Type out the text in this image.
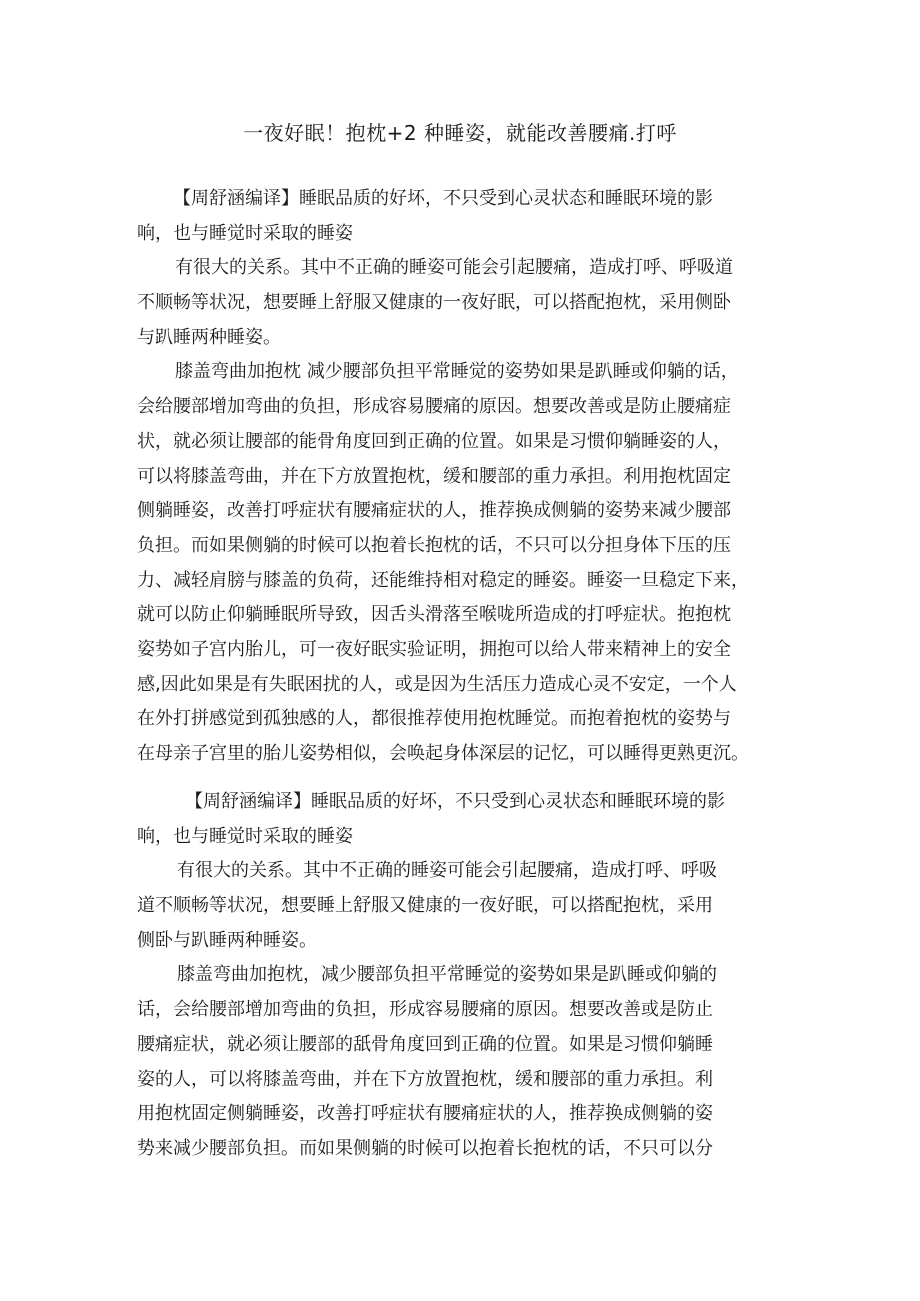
一夜好眠！抱枕+2 种睡姿，就能改善腰痛.打呼
【周舒涵编译】睡眠品质的好坏，不只受到心灵状态和睡眠环境的影
响，也与睡觉时采取的睡姿
有很大的关系。其中不正确的睡姿可能会引起腰痛，造成打呼、呼吸道
不顺畅等状况，想要睡上舒服又健康的一夜好眠，可以搭配抱枕，采用侧卧
与趴睡两种睡姿。
膝盖弯曲加抱枕 减少腰部负担平常睡觉的姿势如果是趴睡或仰躺的话，
会给腰部增加弯曲的负担，形成容易腰痛的原因。想要改善或是防止腰痛症
状，就必须让腰部的能骨角度回到正确的位置。如果是习惯仰躺睡姿的人，
可以将膝盖弯曲，并在下方放置抱枕，缓和腰部的重力承担。利用抱枕固定
侧躺睡姿，改善打呼症状有腰痛症状的人，推荐换成侧躺的姿势来减少腰部
负担。而如果侧躺的时候可以抱着长抱枕的话，不只可以分担身体下压的压
力、减轻肩膀与膝盖的负荷，还能维持相对稳定的睡姿。睡姿一旦稳定下来，
就可以防止仰躺睡眠所导致，因舌头滑落至喉咙所造成的打呼症状。抱抱枕
姿势如子宫内胎儿，可一夜好眠实验证明，拥抱可以给人带来精神上的安全
感,因此如果是有失眠困扰的人，或是因为生活压力造成心灵不安定，一个人
在外打拼感觉到孤独感的人，都很推荐使用抱枕睡觉。而抱着抱枕的姿势与
在母亲子宫里的胎儿姿势相似，会唤起身体深层的记忆，可以睡得更熟更沉。
【周舒涵编译】睡眠品质的好坏，不只受到心灵状态和睡眠环境的影
响，也与睡觉时采取的睡姿
有很大的关系。其中不正确的睡姿可能会引起腰痛，造成打呼、呼吸
道不顺畅等状况，想要睡上舒服又健康的一夜好眠，可以搭配抱枕，采用
侧卧与趴睡两种睡姿。
膝盖弯曲加抱枕，减少腰部负担平常睡觉的姿势如果是趴睡或仰躺的
话，会给腰部增加弯曲的负担，形成容易腰痛的原因。想要改善或是防止
腰痛症状，就必须让腰部的舐骨角度回到正确的位置。如果是习惯仰躺睡
姿的人，可以将膝盖弯曲，并在下方放置抱枕，缓和腰部的重力承担。利
用抱枕固定侧躺睡姿，改善打呼症状有腰痛症状的人，推荐换成侧躺的姿
势来减少腰部负担。而如果侧躺的时候可以抱着长抱枕的话，不只可以分
